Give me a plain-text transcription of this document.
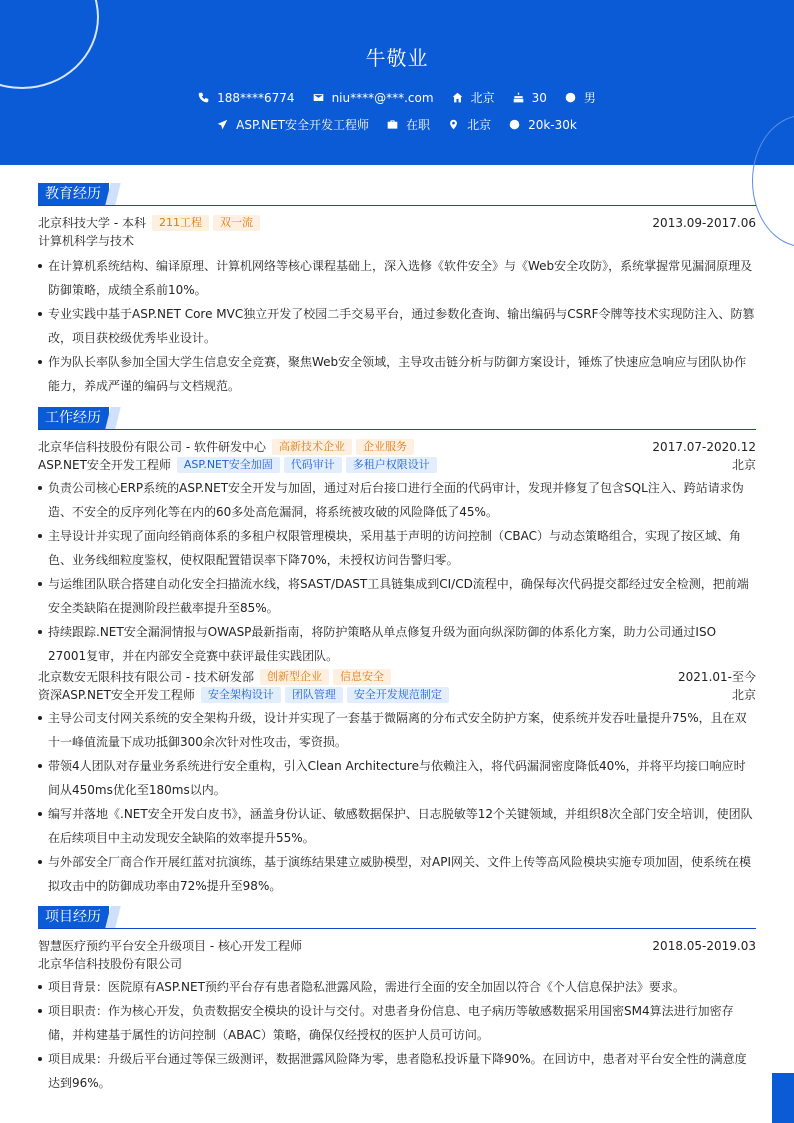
牛敬业
188****6774	niu****@***.com	北京	30	男
ASP.NET安全开发工程师	在职	北京	20k-30k
教育经历
北京科技大学 - 本科	211工程	双一流	2013.09-2017.06
计算机科学与技术
在计算机系统结构、编译原理、计算机网络等核心课程基础上，深入选修《软件安全》与《Web安全攻防》，系统掌握常见漏洞原理及防御策略，成绩全系前10%。
专业实践中基于ASP.NET Core MVC独立开发了校园二手交易平台，通过参数化查询、输出编码与CSRF令牌等技术实现防注入、防篡改，项目获校级优秀毕业设计。
作为队长率队参加全国大学生信息安全竞赛，聚焦Web安全领域，主导攻击链分析与防御方案设计，锤炼了快速应急响应与团队协作能力，养成严谨的编码与文档规范。
工作经历
北京华信科技股份有限公司 - 软件研发中心	高新技术企业	企业服务	2017.07-2020.12
ASP.NET安全开发工程师	ASP.NET安全加固	代码审计	多租户权限设计	北京
负责公司核心ERP系统的ASP.NET安全开发与加固，通过对后台接口进行全面的代码审计，发现并修复了包含SQL注入、跨站请求伪造、不安全的反序列化等在内的60多处高危漏洞，将系统被攻破的风险降低了45%。
主导设计并实现了面向经销商体系的多租户权限管理模块，采用基于声明的访问控制（CBAC）与动态策略组合，实现了按区域、角色、业务线细粒度鉴权，使权限配置错误率下降70%，未授权访问告警归零。
与运维团队联合搭建自动化安全扫描流水线，将SAST/DAST工具链集成到CI/CD流程中，确保每次代码提交都经过安全检测，把前端安全类缺陷在提测阶段拦截率提升至85%。
持续跟踪.NET安全漏洞情报与OWASP最新指南，将防护策略从单点修复升级为面向纵深防御的体系化方案，助力公司通过ISO 27001复审，并在内部安全竞赛中获评最佳实践团队。
北京数安无限科技有限公司 - 技术研发部	创新型企业	信息安全	2021.01-至今
资深ASP.NET安全开发工程师	安全架构设计	团队管理	安全开发规范制定	北京
主导公司支付网关系统的安全架构升级，设计并实现了一套基于微隔离的分布式安全防护方案，使系统并发吞吐量提升75%，且在双十一峰值流量下成功抵御300余次针对性攻击，零资损。
带领4人团队对存量业务系统进行安全重构，引入Clean Architecture与依赖注入，将代码漏洞密度降低40%，并将平均接口响应时间从450ms优化至180ms以内。
编写并落地《.NET安全开发白皮书》，涵盖身份认证、敏感数据保护、日志脱敏等12个关键领域，并组织8次全部门安全培训，使团队在后续项目中主动发现安全缺陷的效率提升55%。
与外部安全厂商合作开展红蓝对抗演练，基于演练结果建立威胁模型，对API网关、文件上传等高风险模块实施专项加固，使系统在模拟攻击中的防御成功率由72%提升至98%。
项目经历
智慧医疗预约平台安全升级项目 - 核心开发工程师	2018.05-2019.03
北京华信科技股份有限公司
项目背景：医院原有ASP.NET预约平台存有患者隐私泄露风险，需进行全面的安全加固以符合《个人信息保护法》要求。
项目职责：作为核心开发，负责数据安全模块的设计与交付。对患者身份信息、电子病历等敏感数据采用国密SM4算法进行加密存储，并构建基于属性的访问控制（ABAC）策略，确保仅经授权的医护人员可访问。
项目成果：升级后平台通过等保三级测评，数据泄露风险降为零，患者隐私投诉量下降90%。在回访中，患者对平台安全性的满意度达到96%。
